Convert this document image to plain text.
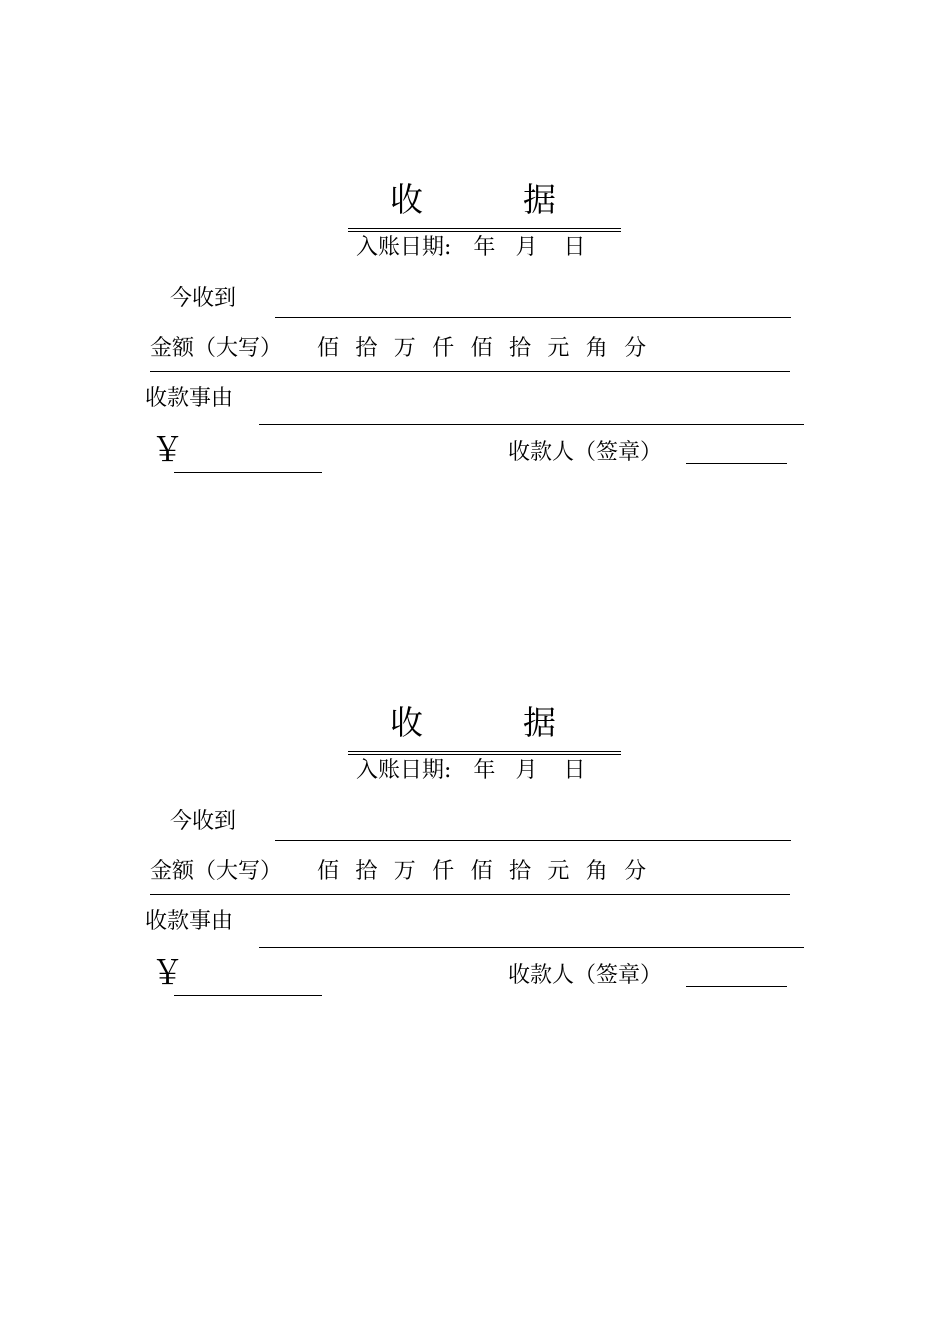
收	据
入账日期: 年 月 日
今收到
金额（大写） 佰 拾 万 仟 佰 拾 元 角 分
收款事由
￥	收款人（签章）
收	据
入账日期: 年 月 日
今收到
金额（大写） 佰 拾 万 仟 佰 拾 元 角 分
收款事由
￥	收款人（签章）
